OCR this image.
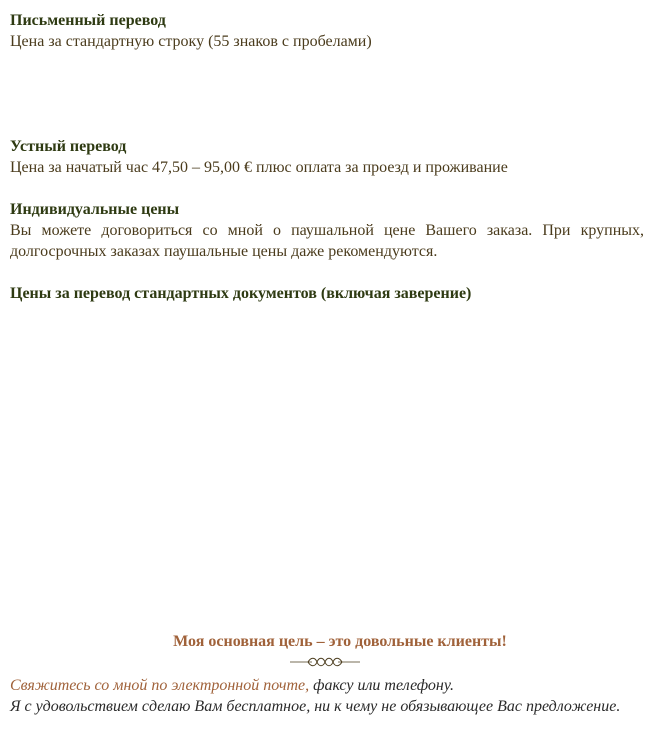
Письменный перевод
Цена за стандартную строку (55 знаков с пробелами)
Устный перевод
Цена за начатый час 47,50 – 95,00 € плюс оплата за проезд и проживание
Индивидуальные цены
Вы можете договориться со мной о паушальной цене Вашего заказа. При крупных, долгосрочных заказах паушальные цены даже рекомендуются.
Цены за перевод стандартных документов (включая заверение)
Моя основная цель – это довольные клиенты!
Свяжитесь со мной по электронной почте, факсу или телефону.
Я с удовольствием сделаю Вам бесплатное, ни к чему не обязывающее Вас предложение.
